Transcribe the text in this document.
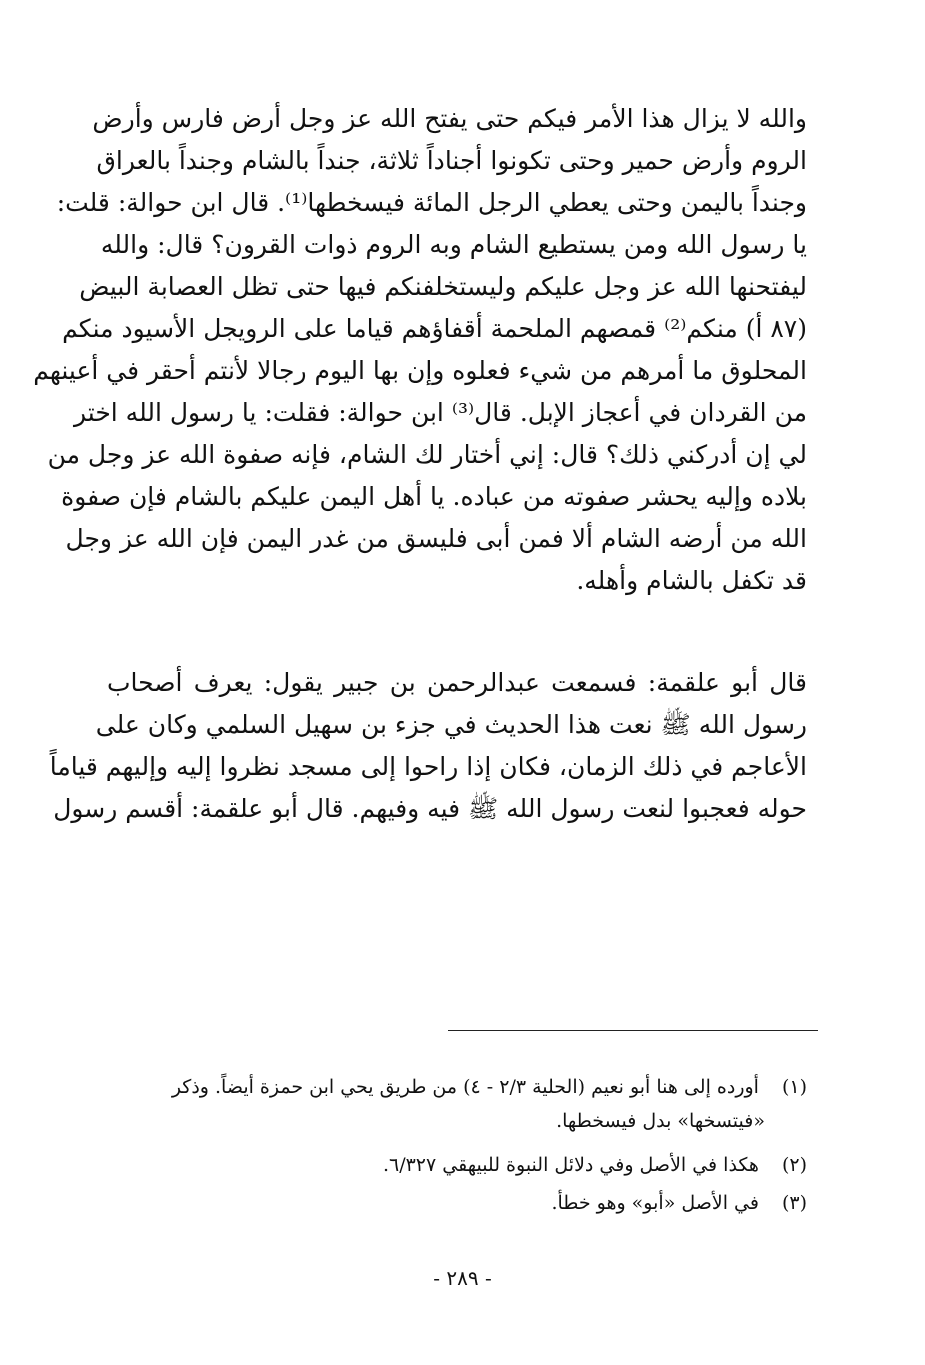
والله لا يزال هذا الأمر فيكم حتى يفتح الله عز وجل أرض فارس وأرض
الروم وأرض حمير وحتى تكونوا أجناداً ثلاثة، جنداً بالشام وجنداً بالعراق
وجنداً باليمن وحتى يعطي الرجل المائة فيسخطها⁽¹⁾. قال ابن حوالة: قلت:
يا رسول الله ومن يستطيع الشام وبه الروم ذوات القرون؟ قال: والله
ليفتحنها الله عز وجل عليكم وليستخلفنكم فيها حتى تظل العصابة البيض
(٨٧ أ) منكم⁽²⁾ قمصهم الملحمة أقفاؤهم قياما على الرويجل الأسيود منكم
المحلوق ما أمرهم من شيء فعلوه وإن بها اليوم رجالا لأنتم أحقر في أعينهم
من القردان في أعجاز الإبل. قال⁽³⁾ ابن حوالة: فقلت: يا رسول الله اختر
لي إن أدركني ذلك؟ قال: إني أختار لك الشام، فإنه صفوة الله عز وجل من
بلاده وإليه يحشر صفوته من عباده. يا أهل اليمن عليكم بالشام فإن صفوة
الله من أرضه الشام ألا فمن أبى فليسق من غدر اليمن فإن الله عز وجل
قد تكفل بالشام وأهله.
قال أبو علقمة: فسمعت عبدالرحمن بن جبير يقول: يعرف أصحاب
رسول الله ﷺ نعت هذا الحديث في جزء بن سهيل السلمي وكان على
الأعاجم في ذلك الزمان، فكان إذا راحوا إلى مسجد نظروا إليه وإليهم قياماً
حوله فعجبوا لنعت رسول الله ﷺ فيه وفيهم. قال أبو علقمة: أقسم رسول
(١) أورده إلى هنا أبو نعيم (الحلية ٢/٣ - ٤) من طريق يحي ابن حمزة أيضاً. وذكر
«فيتسخها» بدل فيسخطها.
(٢) هكذا في الأصل وفي دلائل النبوة للبيهقي ٦/٣٢٧.
(٣) في الأصل «أبو» وهو خطأ.
- ٢٨٩ -
